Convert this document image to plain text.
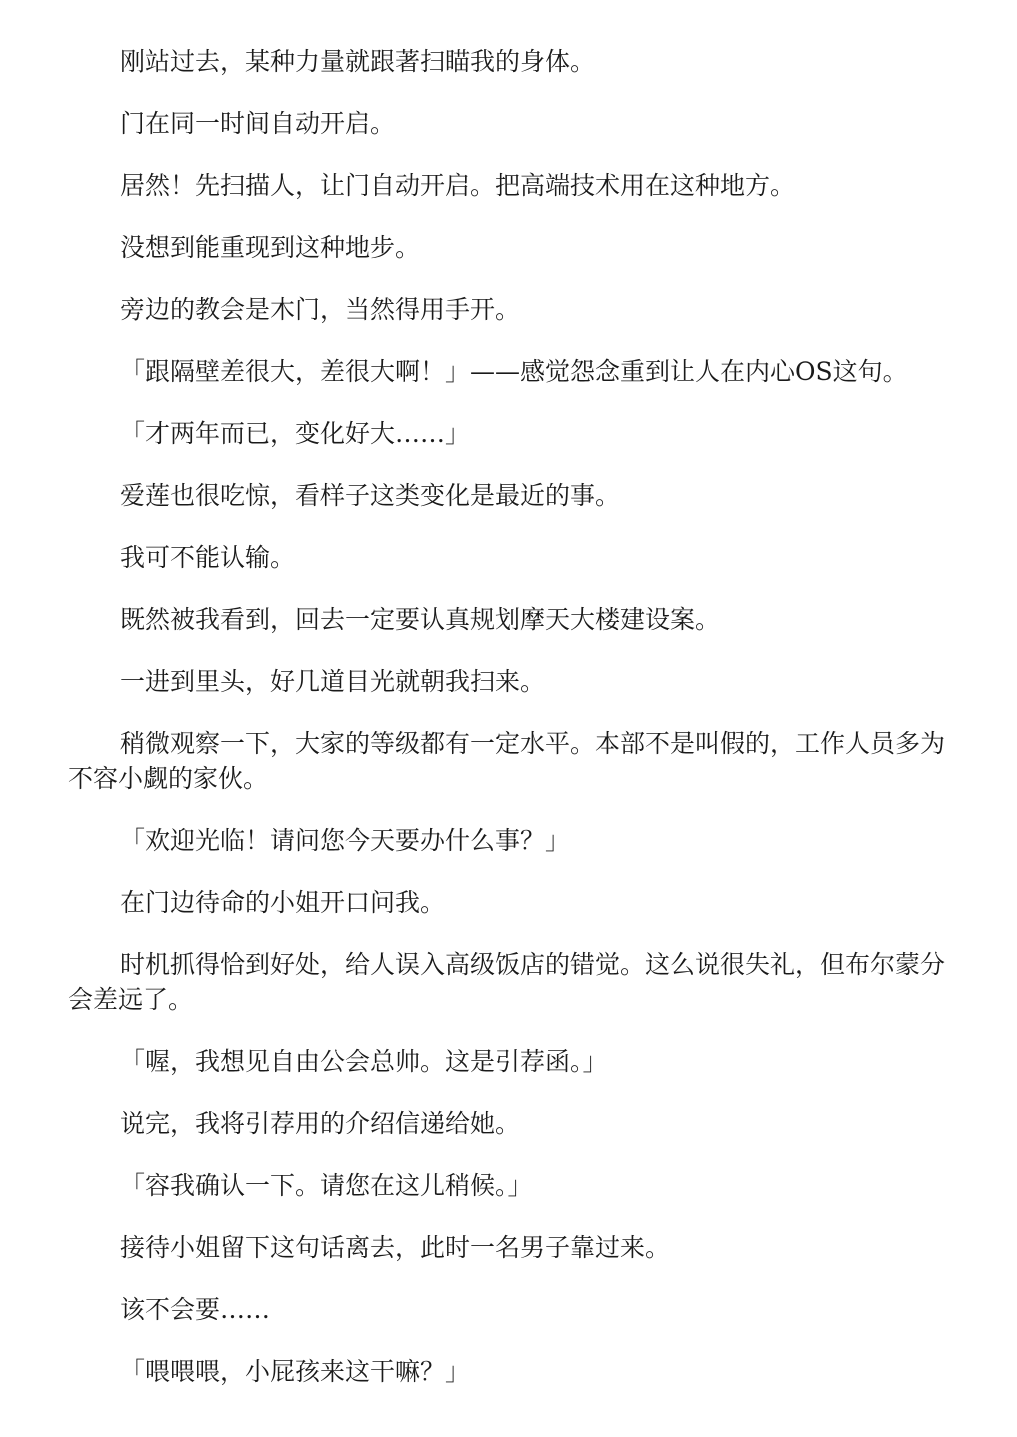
刚站过去，某种力量就跟著扫瞄我的身体。

门在同一时间自动开启。

居然！先扫描人，让门自动开启。把高端技术用在这种地方。

没想到能重现到这种地步。

旁边的教会是木门，当然得用手开。

「跟隔壁差很大，差很大啊！」——感觉怨念重到让人在内心OS这句。

「才两年而已，变化好大……」

爱莲也很吃惊，看样子这类变化是最近的事。

我可不能认输。

既然被我看到，回去一定要认真规划摩天大楼建设案。

一进到里头，好几道目光就朝我扫来。

稍微观察一下，大家的等级都有一定水平。本部不是叫假的，工作人员多为不容小觑的家伙。

「欢迎光临！请问您今天要办什么事？」

在门边待命的小姐开口问我。

时机抓得恰到好处，给人误入高级饭店的错觉。这么说很失礼，但布尔蒙分会差远了。

「喔，我想见自由公会总帅。这是引荐函。」

说完，我将引荐用的介绍信递给她。

「容我确认一下。请您在这儿稍候。」

接待小姐留下这句话离去，此时一名男子靠过来。

该不会要……

「喂喂喂，小屁孩来这干嘛？」
